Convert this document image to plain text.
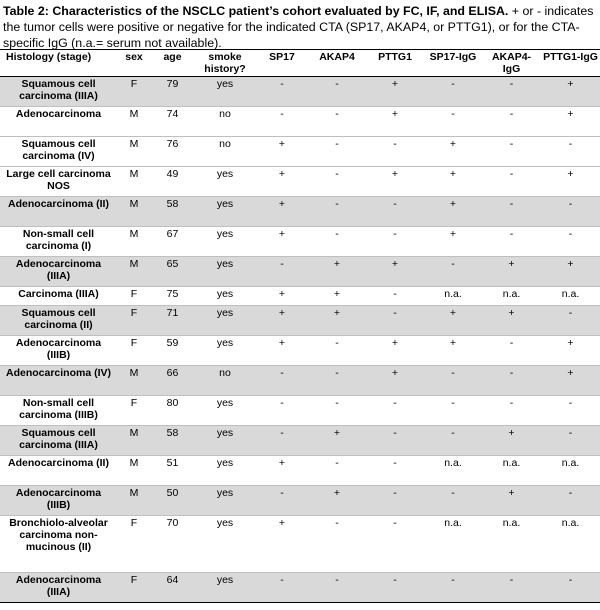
Table 2: Characteristics of the NSCLC patient’s cohort evaluated by FC, IF, and ELISA. + or - indicates the tumor cells were positive or negative for the indicated CTA (SP17, AKAP4, or PTTG1), or for the CTA-specific IgG (n.a.= serum not available).
Histology (stage)	sex	age	smoke history?	SP17	AKAP4	PTTG1	SP17-IgG	AKAP4-IgG	PTTG1-IgG
Squamous cell carcinoma (IIIA)	F	79	yes	-	-	+	-	-	+
Adenocarcinoma	M	74	no	-	-	+	-	-	+
Squamous cell carcinoma (IV)	M	76	no	+	-	-	+	-	-
Large cell carcinoma NOS	M	49	yes	+	-	+	+	-	+
Adenocarcinoma (II)	M	58	yes	+	-	-	+	-	-
Non-small cell carcinoma (I)	M	67	yes	+	-	-	+	-	-
Adenocarcinoma (IIIA)	M	65	yes	-	+	+	-	+	+
Carcinoma (IIIA)	F	75	yes	+	+	-	n.a.	n.a.	n.a.
Squamous cell carcinoma (II)	F	71	yes	+	+	-	+	+	-
Adenocarcinoma (IIIB)	F	59	yes	+	-	+	+	-	+
Adenocarcinoma (IV)	M	66	no	-	-	+	-	-	+
Non-small cell carcinoma (IIIB)	F	80	yes	-	-	-	-	-	-
Squamous cell carcinoma (IIIA)	M	58	yes	-	+	-	-	+	-
Adenocarcinoma (II)	M	51	yes	+	-	-	n.a.	n.a.	n.a.
Adenocarcinoma (IIIB)	M	50	yes	-	+	-	-	+	-
Bronchiolo-alveolar carcinoma non-mucinous (II)	F	70	yes	+	-	-	n.a.	n.a.	n.a.
Adenocarcinoma (IIIA)	F	64	yes	-	-	-	-	-	-
